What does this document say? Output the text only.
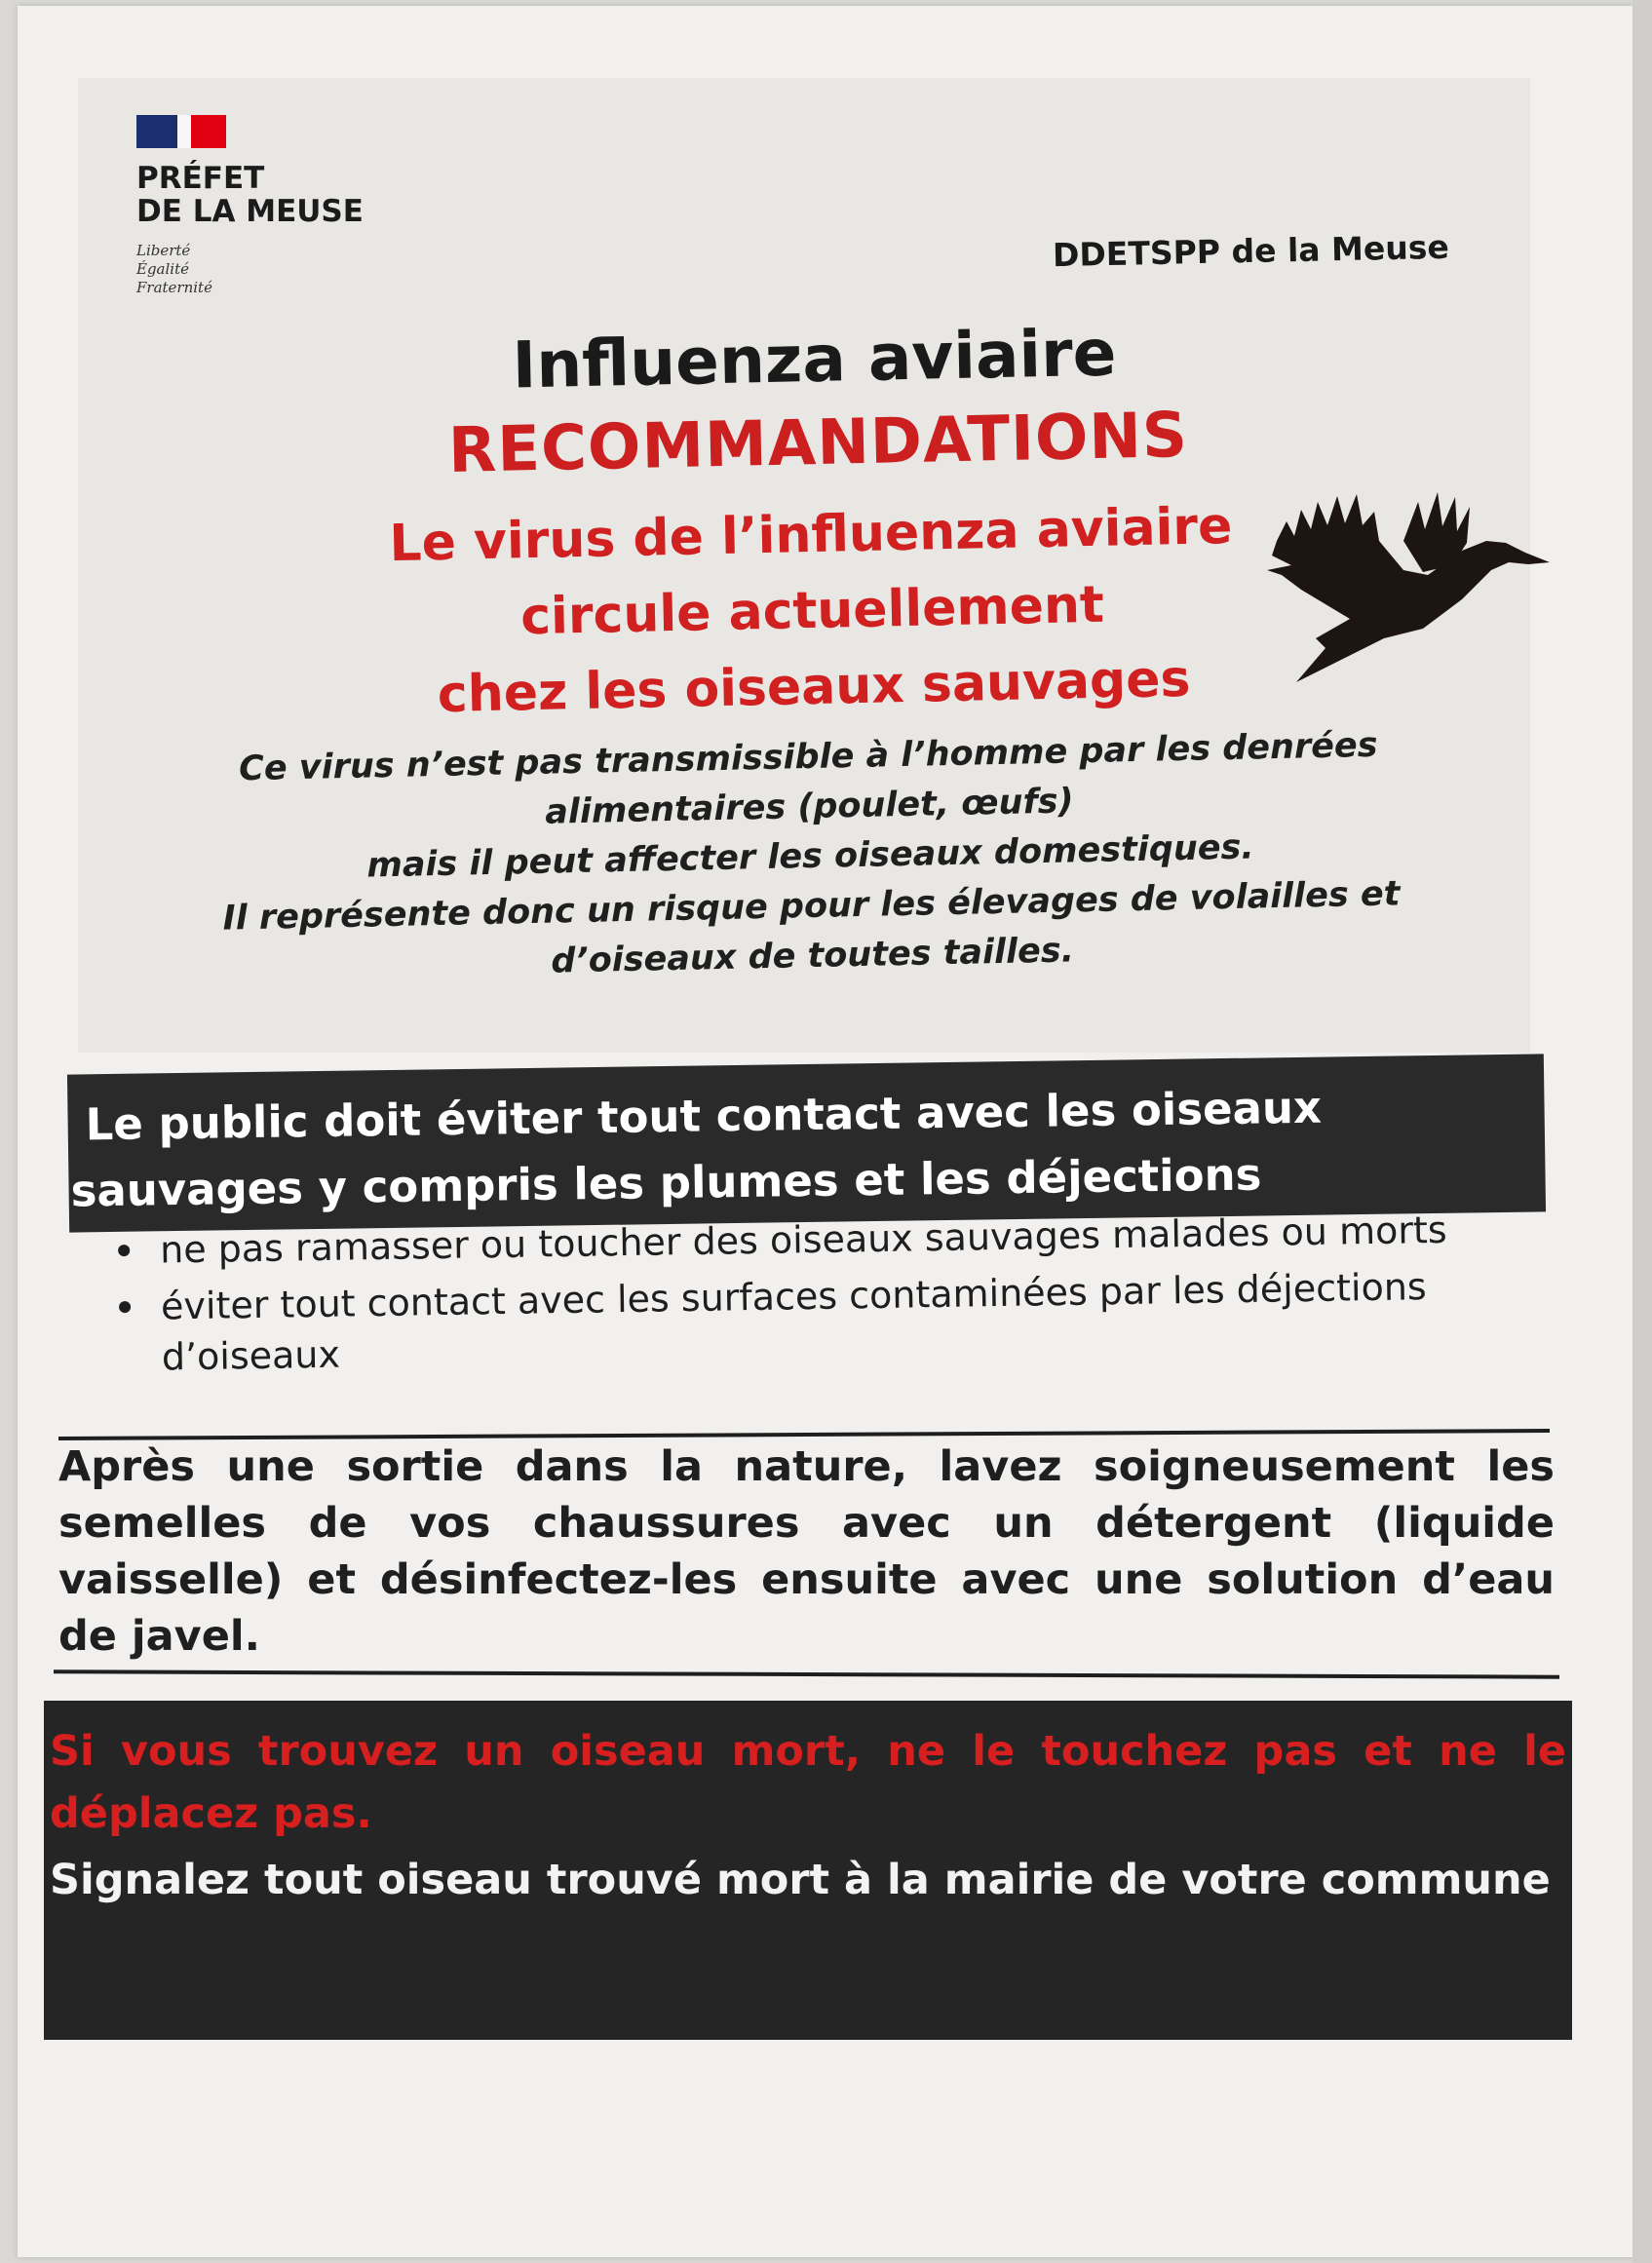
PRÉFET
DE LA MEUSE
Liberté
Égalité
Fraternité
DDETSPP de la Meuse
Influenza aviaire
RECOMMANDATIONS
Le virus de l’influenza aviaire
circule actuellement
chez les oiseaux sauvages
Ce virus n’est pas transmissible à l’homme par les denrées
alimentaires (poulet, œufs)
mais il peut affecter les oiseaux domestiques.
Il représente donc un risque pour les élevages de volailles et
d’oiseaux de toutes tailles.
Le public doit éviter tout contact avec les oiseaux
sauvages y compris les plumes et les déjections
ne pas ramasser ou toucher des oiseaux sauvages malades ou morts
éviter tout contact avec les surfaces contaminées par les déjections d’oiseaux
Après une sortie dans la nature, lavez soigneusement les semelles de vos chaussures avec un détergent (liquide vaisselle) et désinfectez-les ensuite avec une solution d’eau de javel.
Si vous trouvez un oiseau mort, ne le touchez pas et ne le déplacez pas.
Signalez tout oiseau trouvé mort à la mairie de votre commune
